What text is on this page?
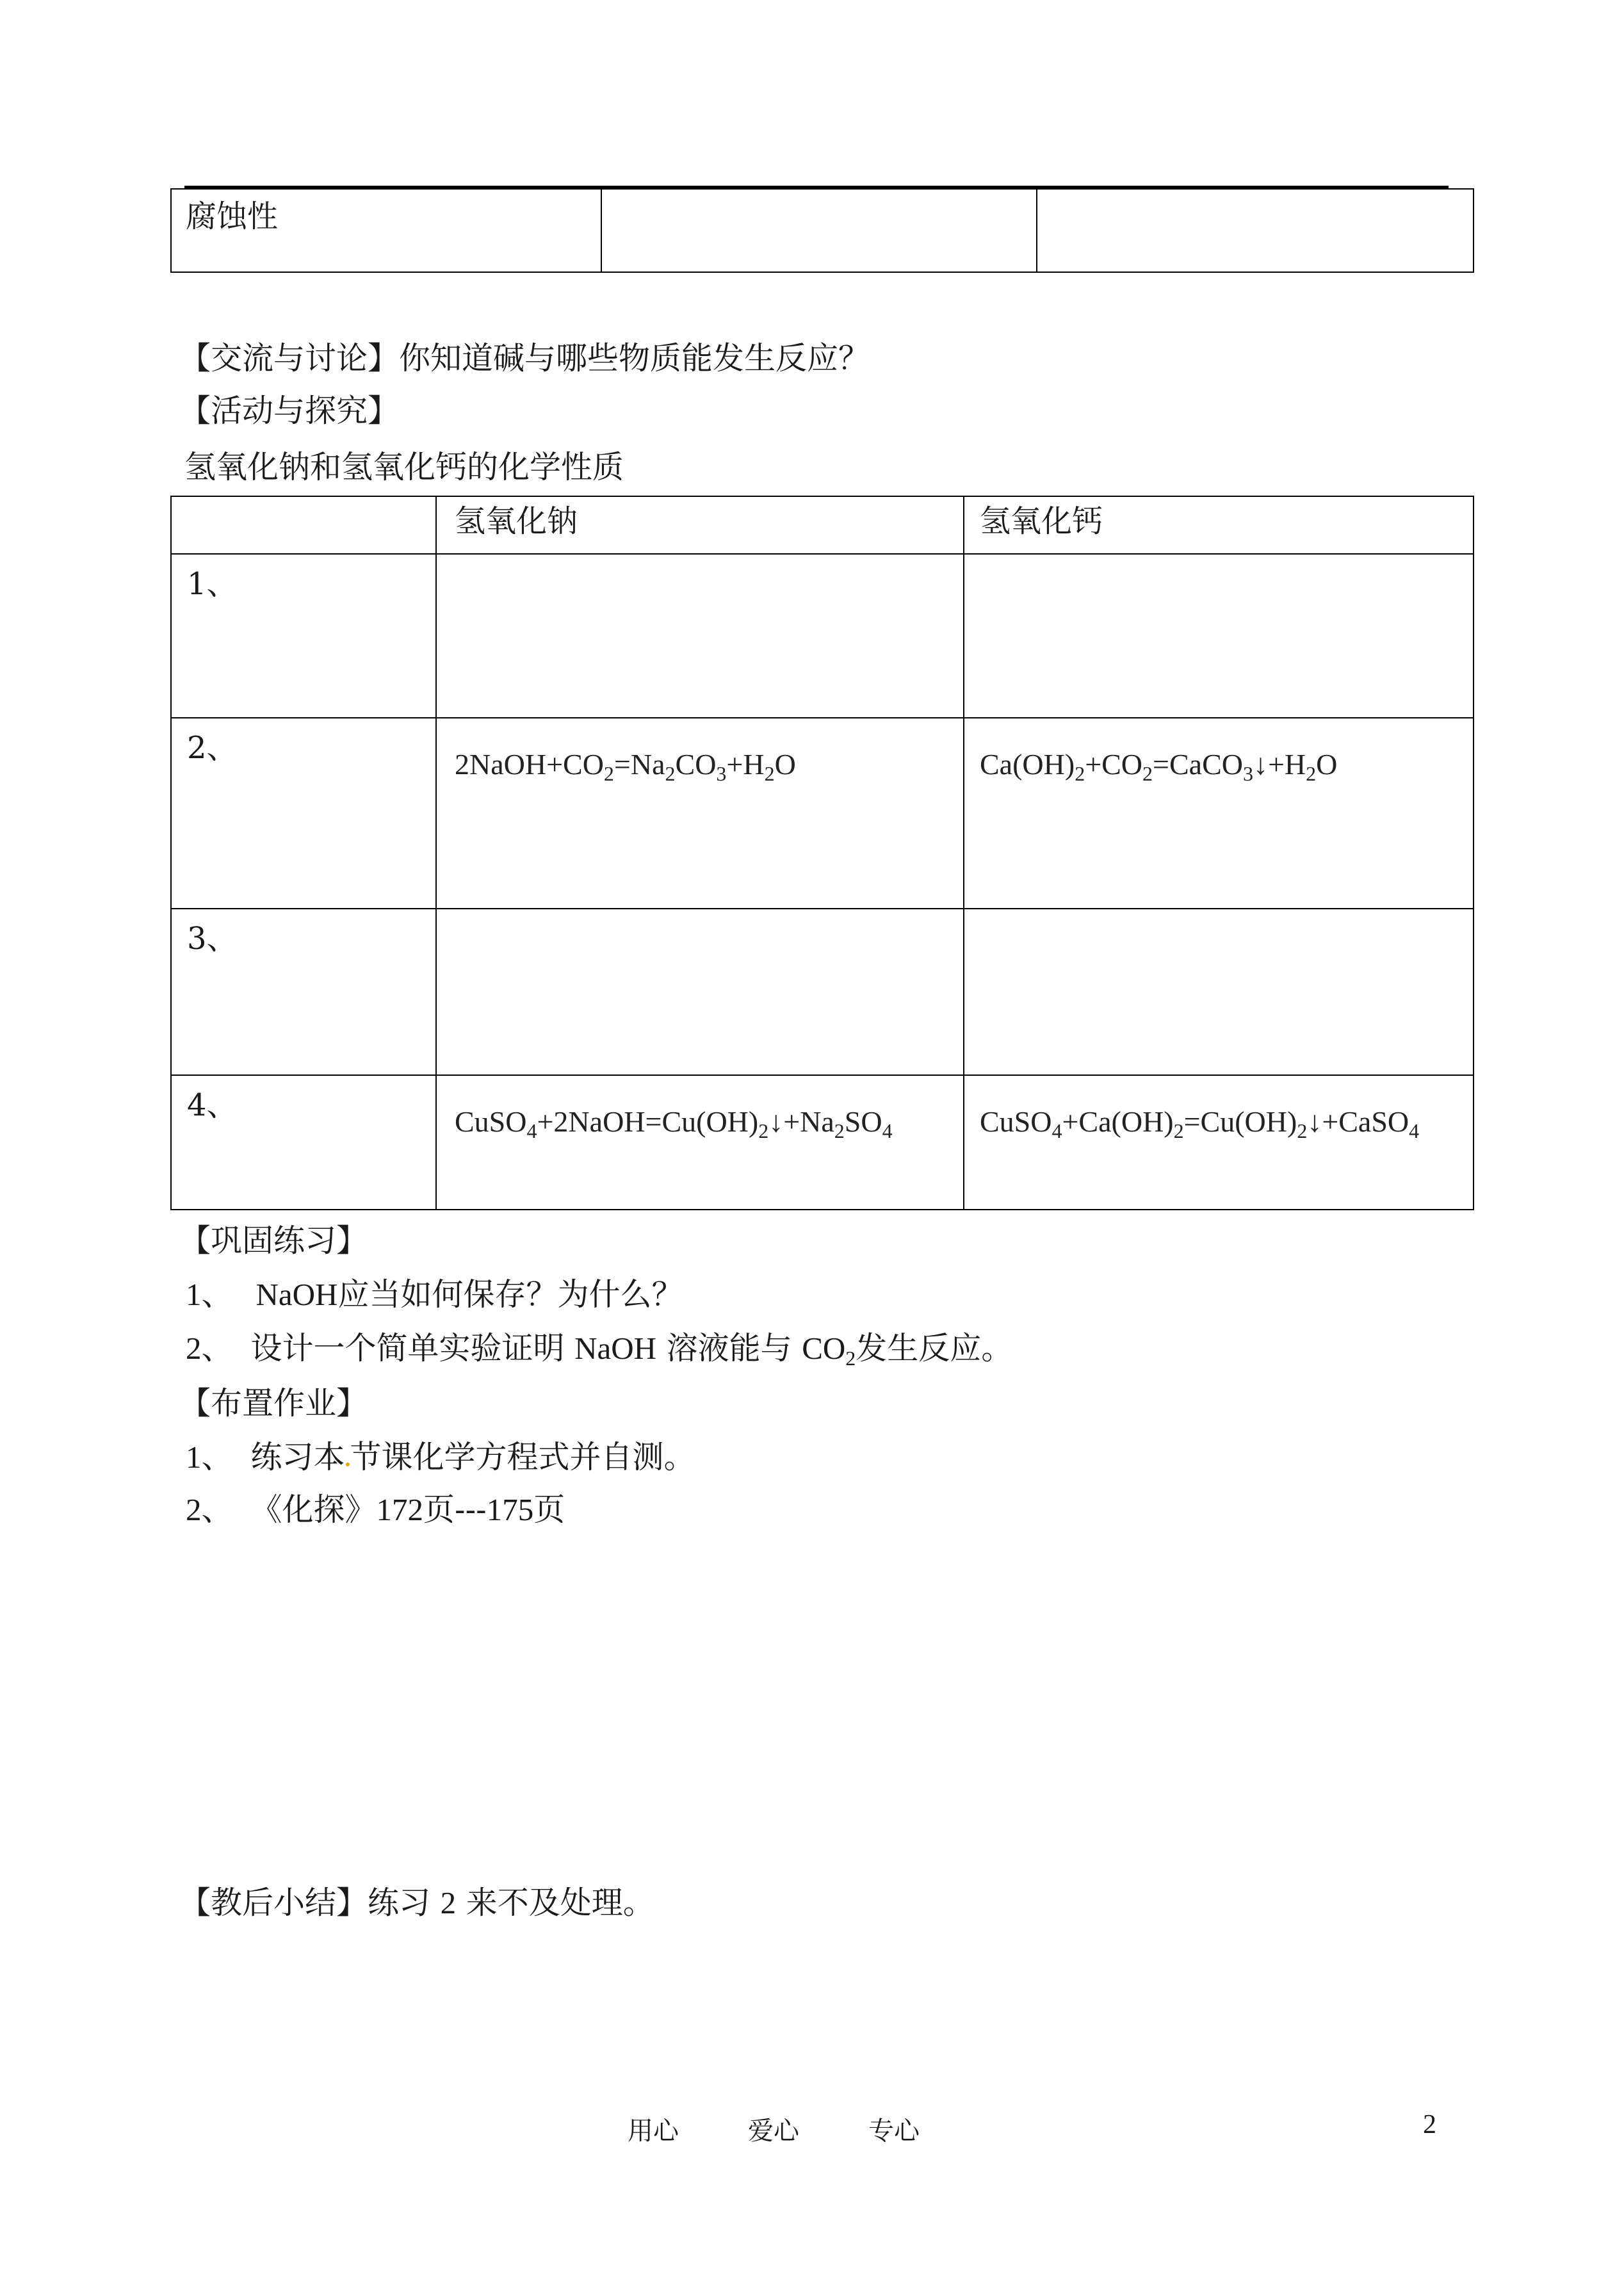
腐蚀性

【交流与讨论】你知道碱与哪些物质能发生反应？

【活动与探究】

氢氧化钠和氢氧化钙的化学性质

	氢氧化钠	氢氧化钙

1、		

2、	$2NaOH+CO_2=Na_2CO_3+H_2O$	$Ca(OH)_2+CO_2=CaCO_3↓+H_2O$

3、		

4、	$CuSO_4+2NaOH=Cu(OH)_2↓+Na_2SO_4$	$CuSO_4+Ca(OH)_2=Cu(OH)_2↓+CaSO_4$

【巩固练习】

1、 NaOH应当如何保存？为什么？

2、 设计一个简单实验证明 NaOH 溶液能与 $CO_2$发生反应。

【布置作业】

1、 练习本 节课化学方程式并自测。

2、 《化探》172页---175页

【教后小结】练习 2 来不及处理。

用心	爱心	专心	2
